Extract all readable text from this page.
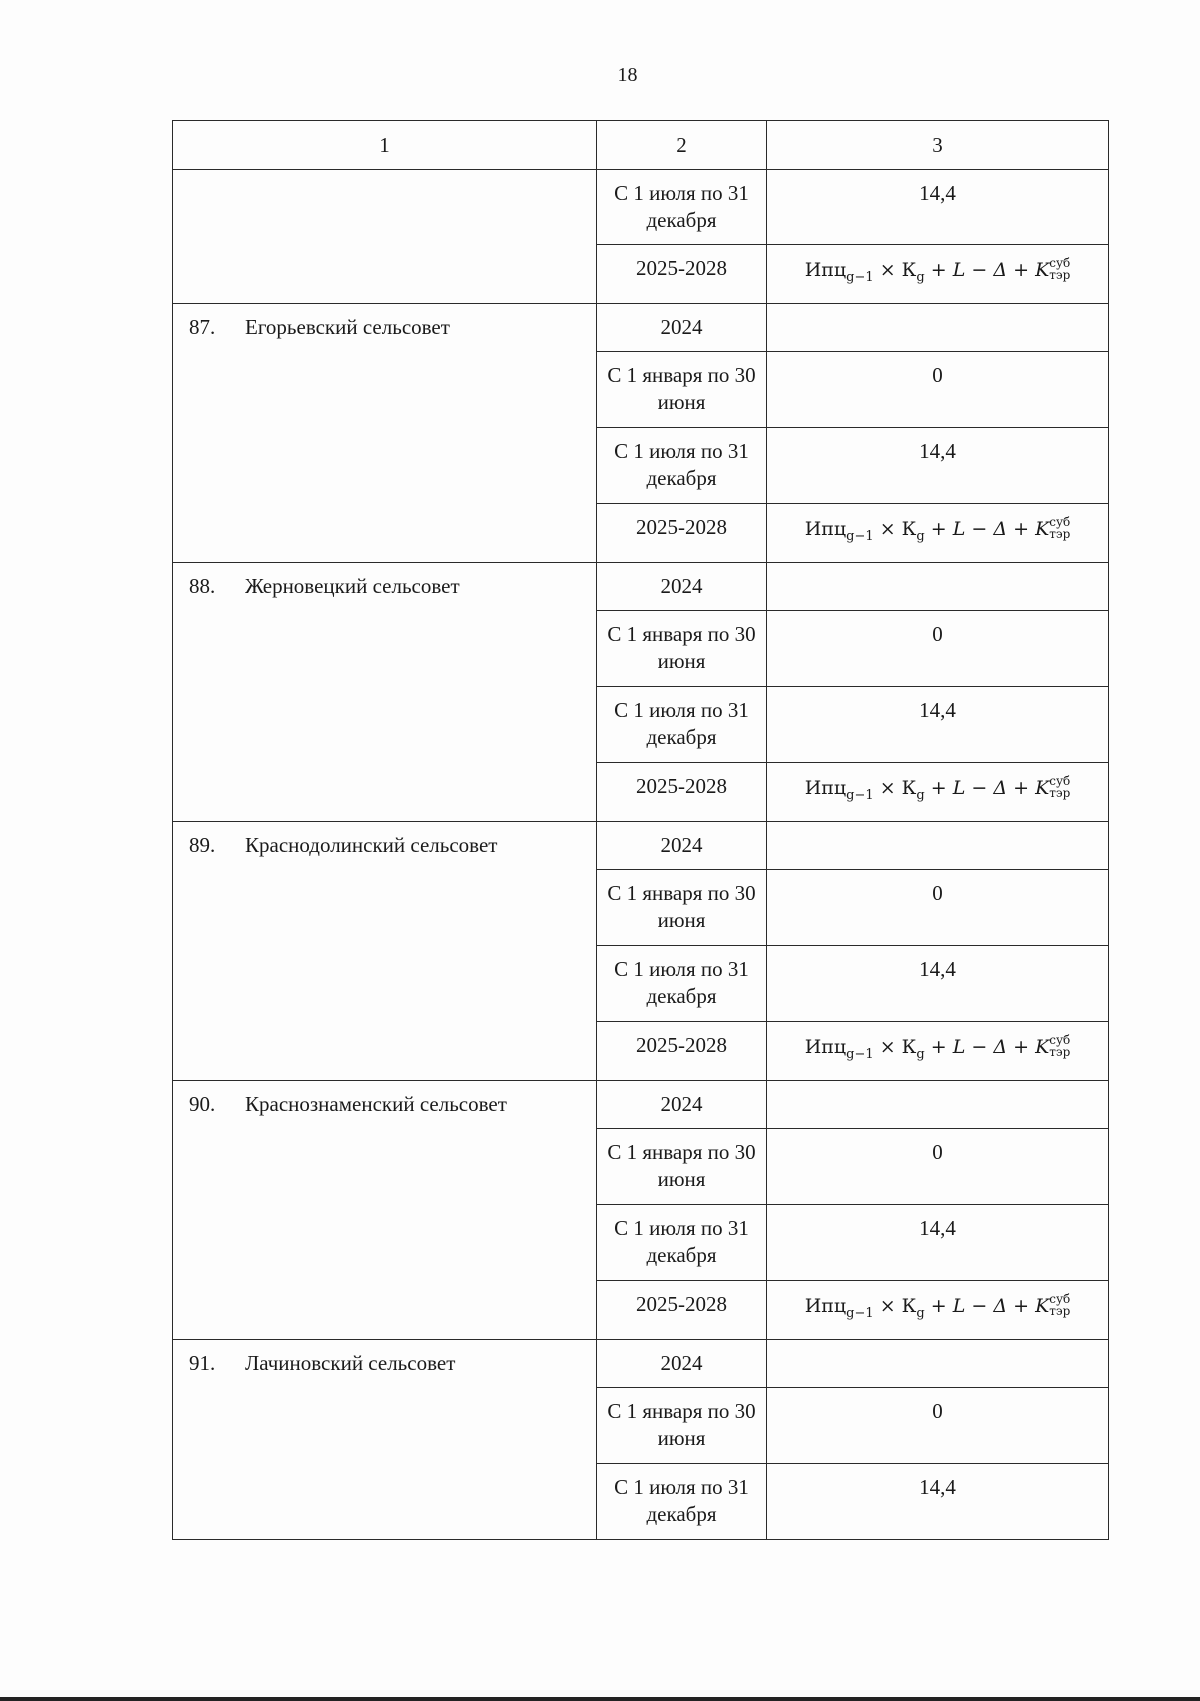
18
1	2	3
	С 1 июля по 31 декабря	14,4
	2025-2028	$Ипц_{g-1} \times К_g + L - \Delta + K$ суб
тэр

87. Егорьевский сельсовет	2024	
	С 1 января по 30 июня	0
	С 1 июля по 31 декабря	14,4
	2025-2028	$Ипц_{g-1} \times К_g + L - \Delta + K$ суб
тэр

88. Жерновецкий сельсовет	2024	
	С 1 января по 30 июня	0
	С 1 июля по 31 декабря	14,4
	2025-2028	$Ипц_{g-1} \times К_g + L - \Delta + K$ суб
тэр

89. Краснодолинский сельсовет	2024	
	С 1 января по 30 июня	0
	С 1 июля по 31 декабря	14,4
	2025-2028	$Ипц_{g-1} \times К_g + L - \Delta + K$ суб
тэр

90. Краснознаменский сельсовет	2024	
	С 1 января по 30 июня	0
	С 1 июля по 31 декабря	14,4
	2025-2028	$Ипц_{g-1} \times К_g + L - \Delta + K$ суб
тэр

91. Лачиновский сельсовет	2024	
	С 1 января по 30 июня	0
	С 1 июля по 31 декабря	14,4
